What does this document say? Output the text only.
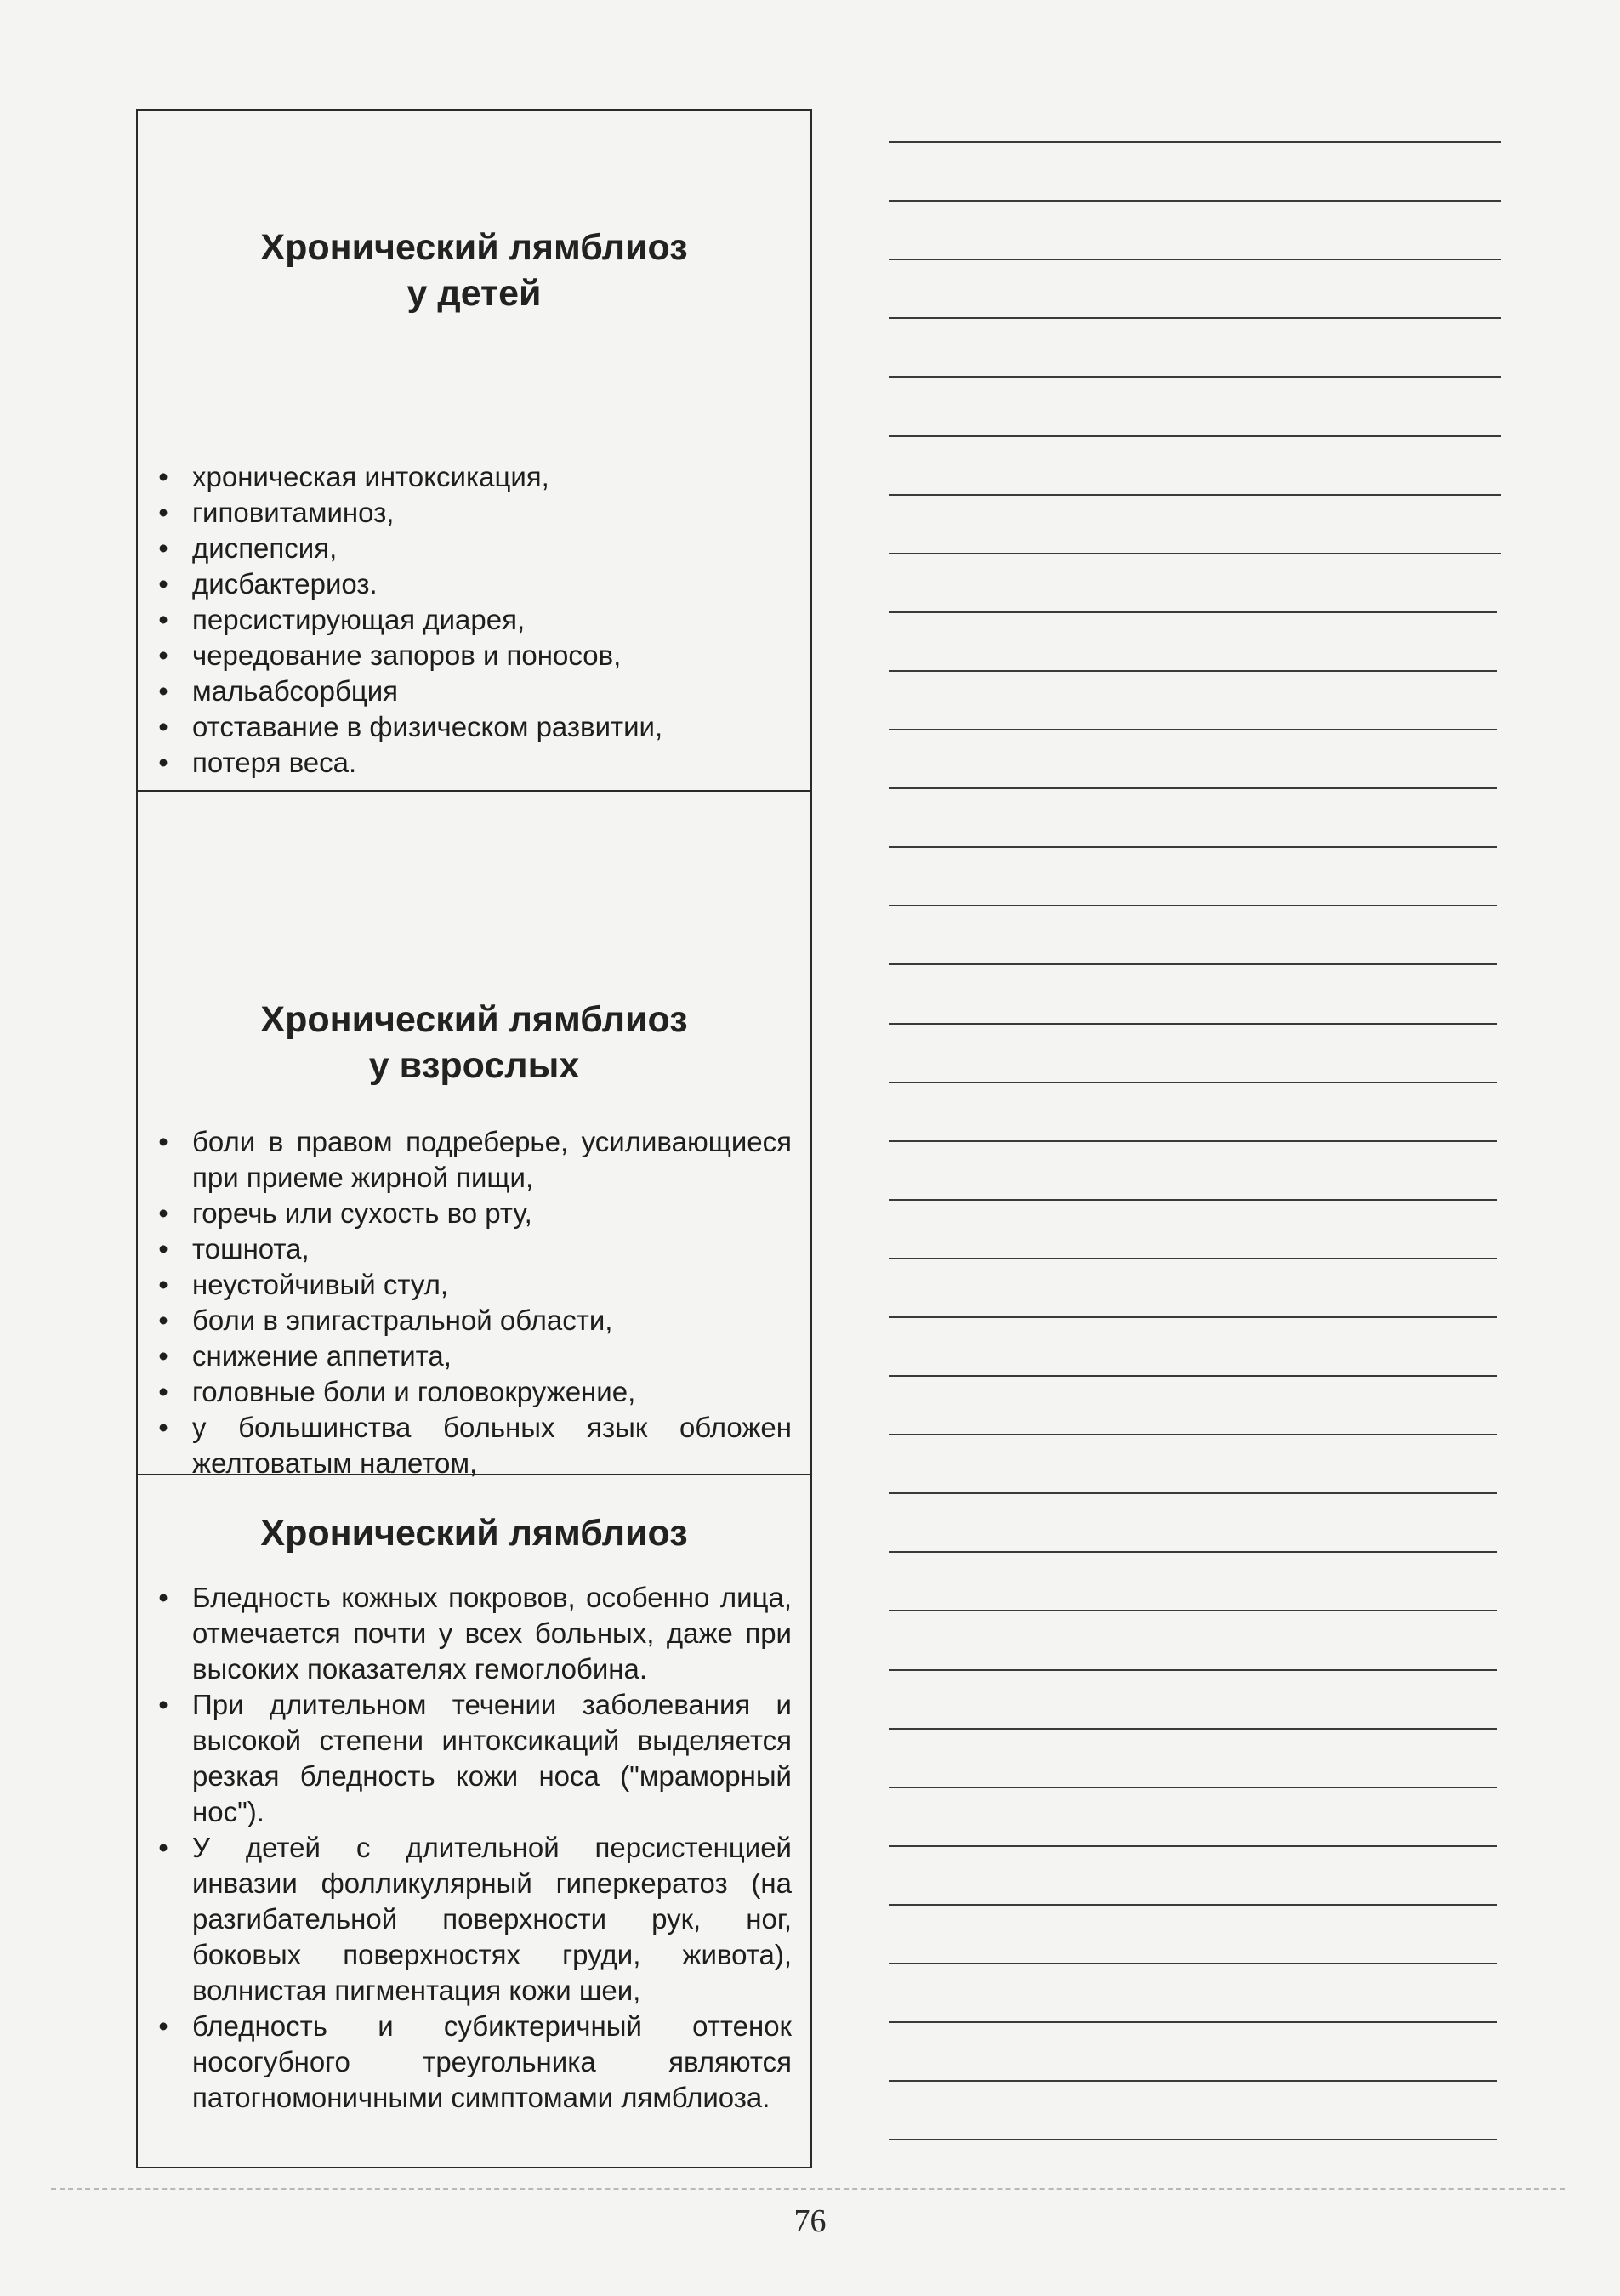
Хронический лямблиоз
у детей
• хроническая интоксикация,
• гиповитаминоз,
• диспепсия,
• дисбактериоз.
• персистирующая диарея,
• чередование запоров и поносов,
• мальабсорбция
• отставание в физическом развитии,
• потеря веса.
Хронический лямблиоз
у взрослых
• боли в правом подреберье, усиливающиеся при приеме жирной пищи,
• горечь или сухость во рту,
• тошнота,
• неустойчивый стул,
• боли в эпигастральной области,
• снижение аппетита,
• головные боли и головокружение,
• у большинства больных язык обложен желтоватым налетом,
Хронический лямблиоз
• Бледность кожных покровов, особенно лица, отмечается почти у всех больных, даже при высоких показателях гемоглобина.
• При длительном течении заболевания и высокой степени интоксикаций выделяется резкая бледность кожи носа ("мраморный нос").
• У детей с длительной персистенцией инвазии фолликулярный гиперкератоз (на разгибательной поверхности рук, ног, боковых поверхностях груди, живота), волнистая пигментация кожи шеи,
• бледность и субиктеричный оттенок носогубного треугольника являются патогномоничными симптомами лямблиоза.
76
